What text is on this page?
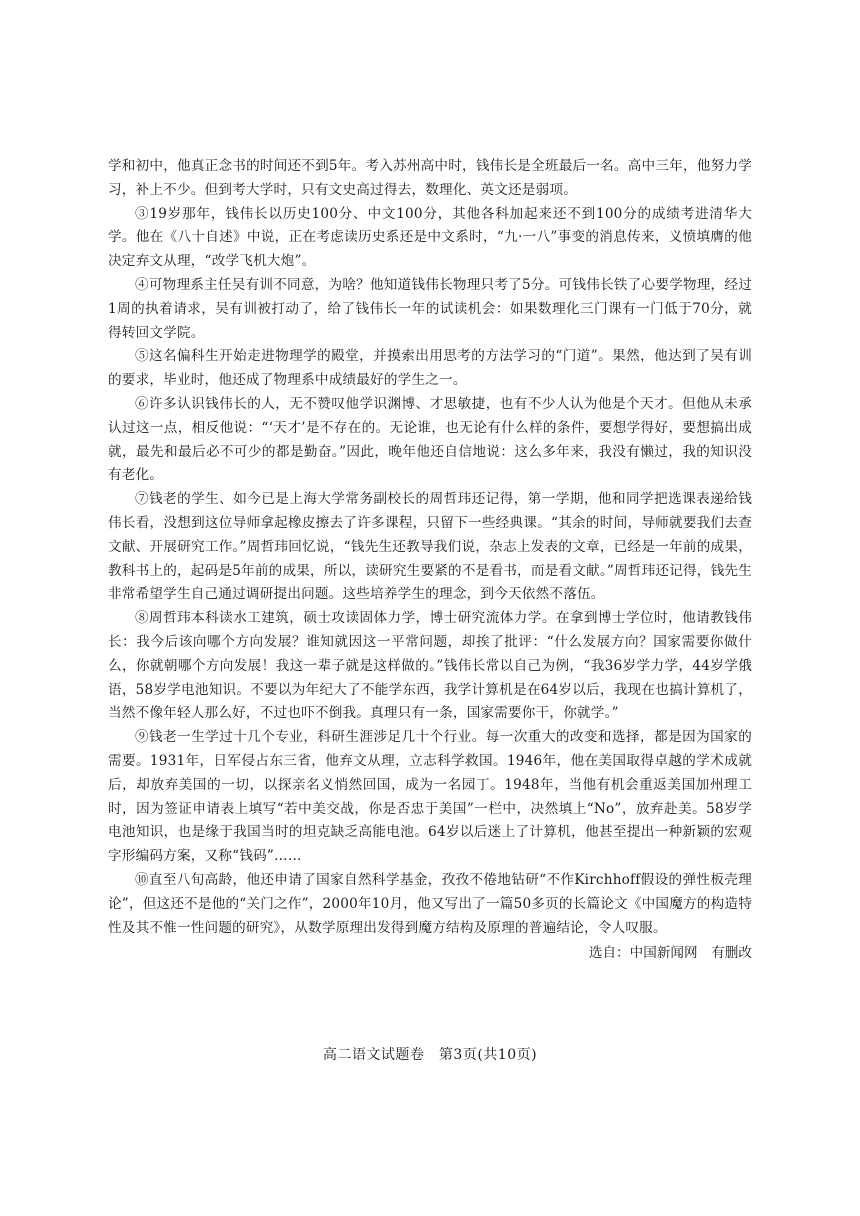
学和初中，他真正念书的时间还不到5年。考入苏州高中时，钱伟长是全班最后一名。高中三年，他努力学习，补上不少。但到考大学时，只有文史高过得去，数理化、英文还是弱项。

③19岁那年，钱伟长以历史100分、中文100分，其他各科加起来还不到100分的成绩考进清华大学。他在《八十自述》中说，正在考虑读历史系还是中文系时，“九·一八”事变的消息传来，义愤填膺的他决定弃文从理，“改学飞机大炮”。

④可物理系主任吴有训不同意，为啥？他知道钱伟长物理只考了5分。可钱伟长铁了心要学物理，经过1周的执着请求，吴有训被打动了，给了钱伟长一年的试读机会：如果数理化三门课有一门低于70分，就得转回文学院。

⑤这名偏科生开始走进物理学的殿堂，并摸索出用思考的方法学习的“门道”。果然，他达到了吴有训的要求，毕业时，他还成了物理系中成绩最好的学生之一。

⑥许多认识钱伟长的人，无不赞叹他学识渊博、才思敏捷，也有不少人认为他是个天才。但他从未承认过这一点，相反他说：“‘天才’是不存在的。无论谁，也无论有什么样的条件，要想学得好，要想搞出成就，最先和最后必不可少的都是勤奋。”因此，晚年他还自信地说：这么多年来，我没有懒过，我的知识没有老化。

⑦钱老的学生、如今已是上海大学常务副校长的周哲玮还记得，第一学期，他和同学把选课表递给钱伟长看，没想到这位导师拿起橡皮擦去了许多课程，只留下一些经典课。“其余的时间，导师就要我们去查文献、开展研究工作。”周哲玮回忆说，“钱先生还教导我们说，杂志上发表的文章，已经是一年前的成果，教科书上的，起码是5年前的成果，所以，读研究生要紧的不是看书，而是看文献。”周哲玮还记得，钱先生非常希望学生自己通过调研提出问题。这些培养学生的理念，到今天依然不落伍。

⑧周哲玮本科读水工建筑，硕士攻读固体力学，博士研究流体力学。在拿到博士学位时，他请教钱伟长：我今后该向哪个方向发展？谁知就因这一平常问题，却挨了批评：“什么发展方向？国家需要你做什么，你就朝哪个方向发展！我这一辈子就是这样做的。”钱伟长常以自己为例，“我36岁学力学，44岁学俄语，58岁学电池知识。不要以为年纪大了不能学东西，我学计算机是在64岁以后，我现在也搞计算机了，当然不像年轻人那么好，不过也吓不倒我。真理只有一条，国家需要你干，你就学。”

⑨钱老一生学过十几个专业，科研生涯涉足几十个行业。每一次重大的改变和选择，都是因为国家的需要。1931年，日军侵占东三省，他弃文从理，立志科学救国。1946年，他在美国取得卓越的学术成就后，却放弃美国的一切，以探亲名义悄然回国，成为一名园丁。1948年，当他有机会重返美国加州理工时，因为签证申请表上填写“若中美交战，你是否忠于美国”一栏中，决然填上“No”，放弃赴美。58岁学电池知识，也是缘于我国当时的坦克缺乏高能电池。64岁以后迷上了计算机，他甚至提出一种新颖的宏观字形编码方案，又称“钱码”……

⑩直至八旬高龄，他还申请了国家自然科学基金，孜孜不倦地钻研“不作Kirchhoff假设的弹性板壳理论”，但这还不是他的“关门之作”，2000年10月，他又写出了一篇50多页的长篇论文《中国魔方的构造特性及其不惟一性问题的研究》，从数学原理出发得到魔方结构及原理的普遍结论，令人叹服。

选自：中国新闻网　有删改

高二语文试题卷　第3页(共10页)
